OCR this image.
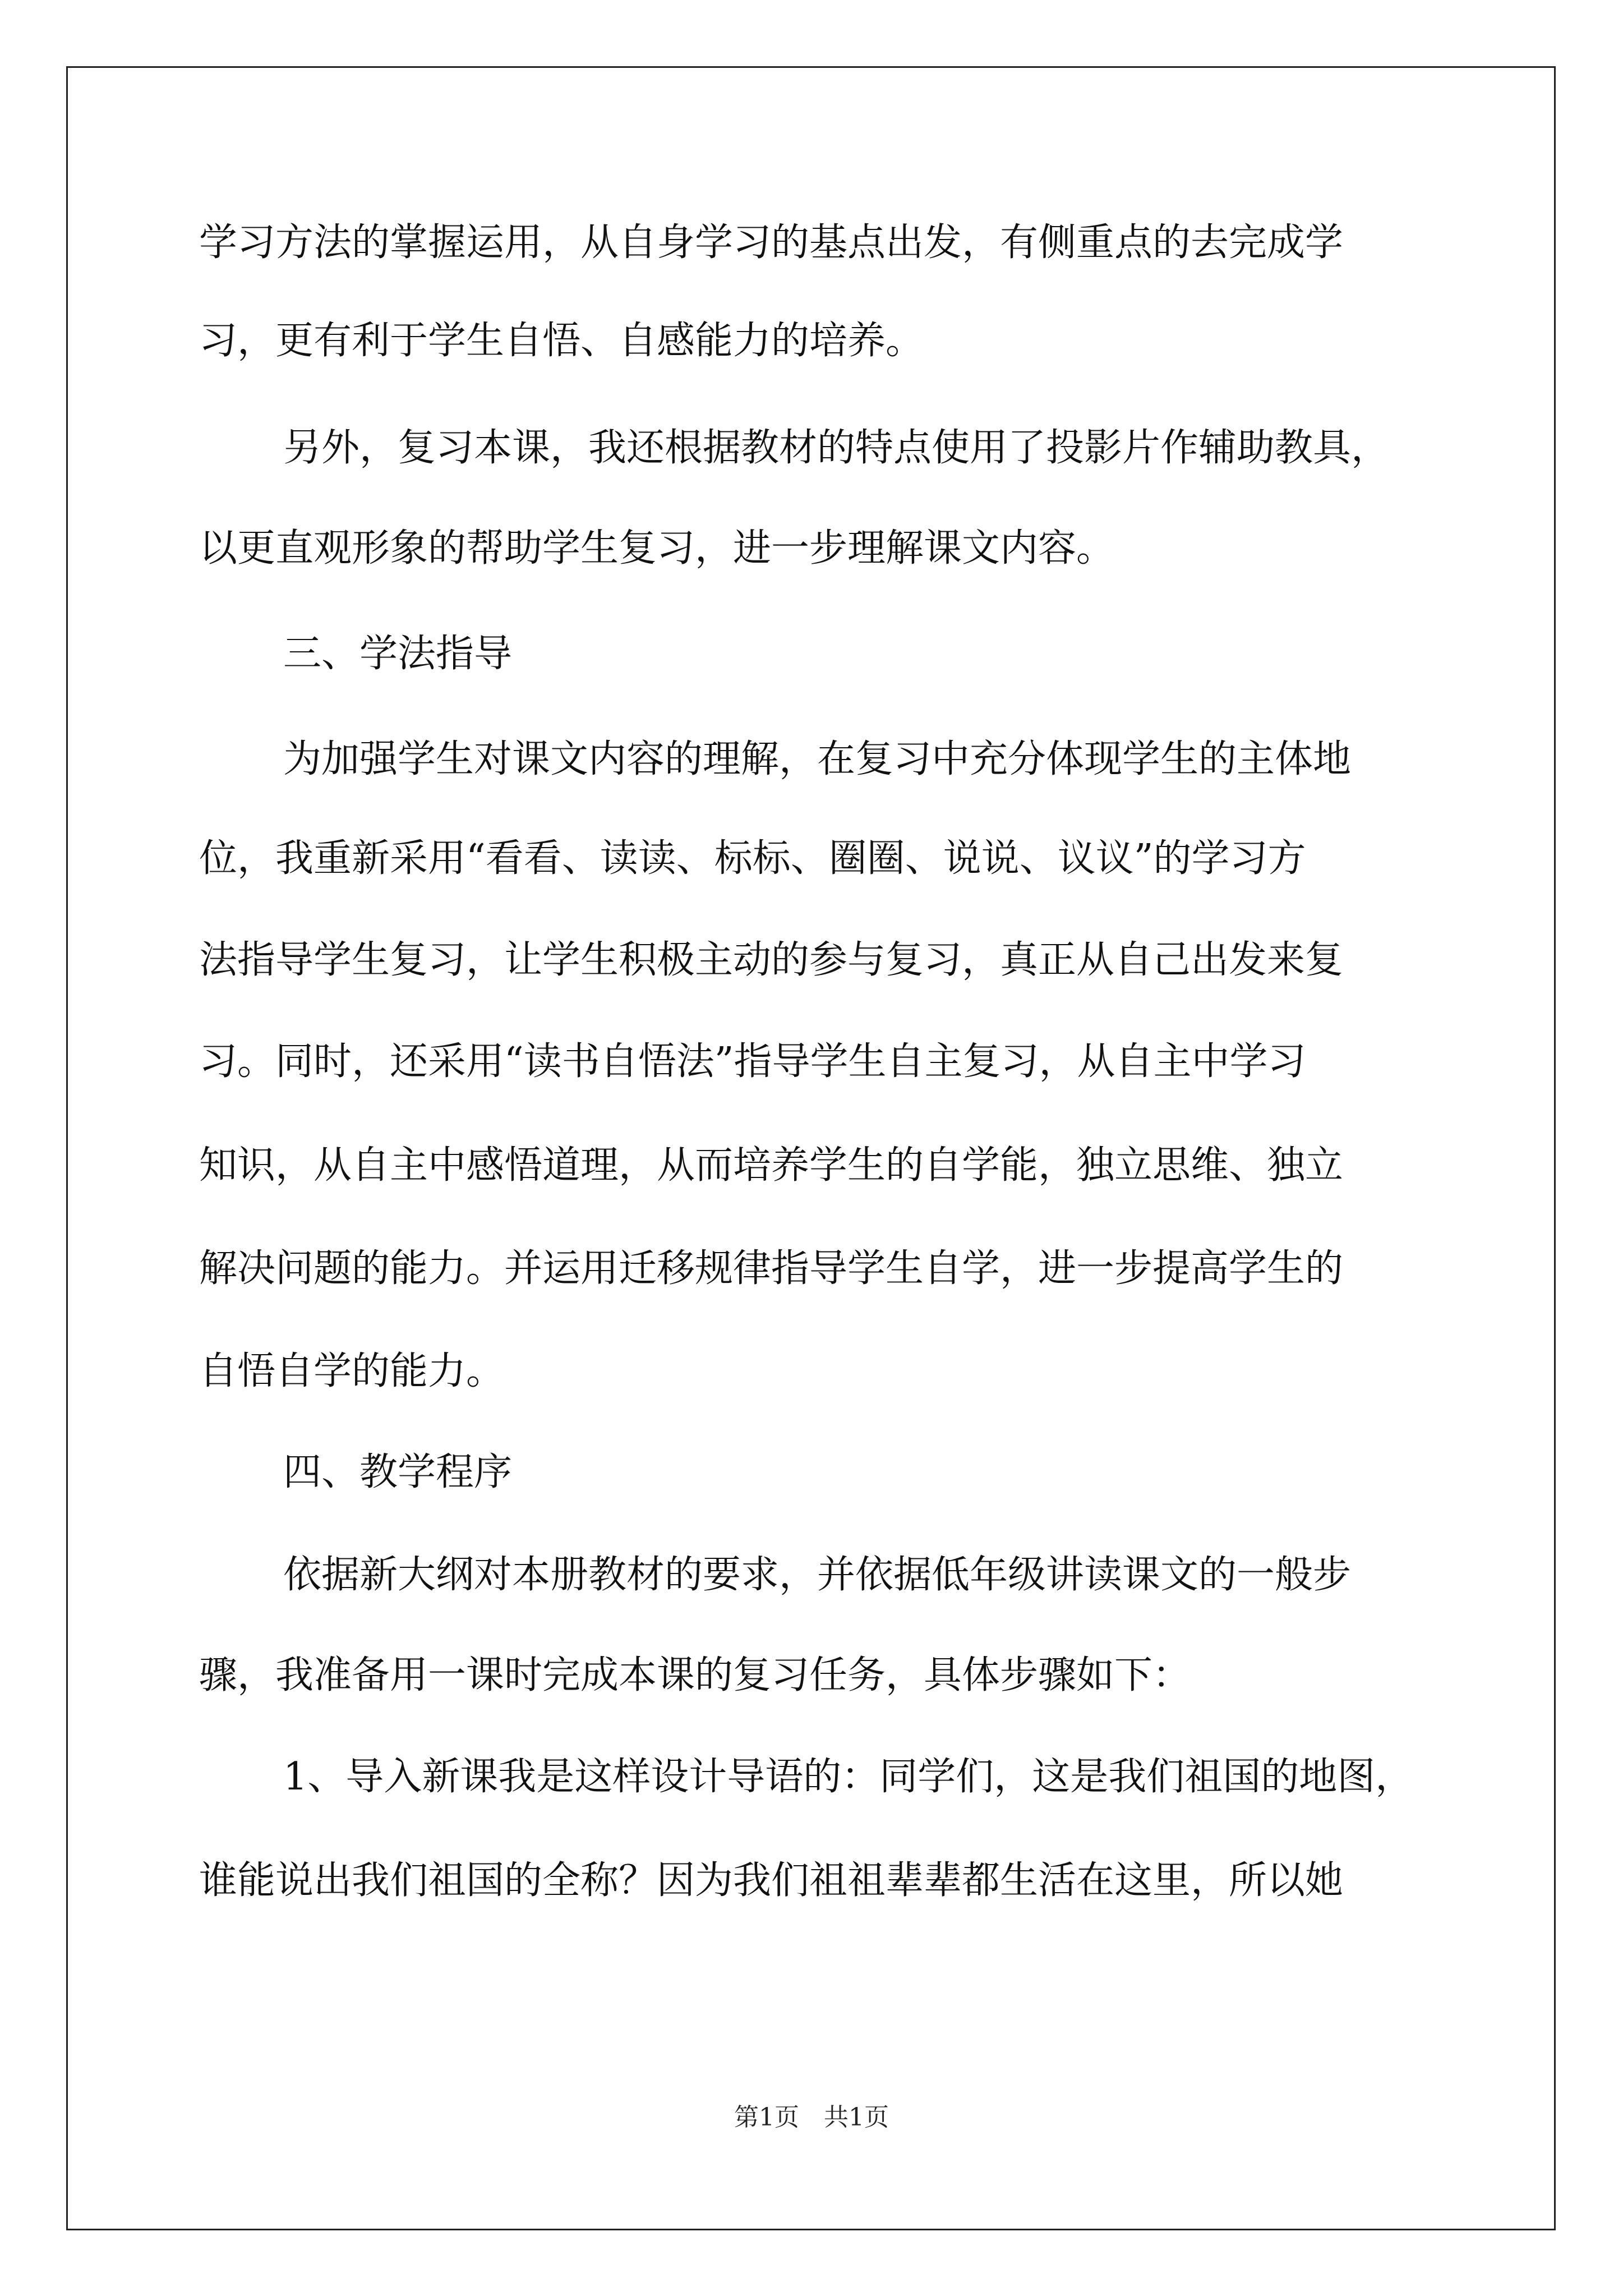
学习方法的掌握运用，从自身学习的基点出发，有侧重点的去完成学
习，更有利于学生自悟、自感能力的培养。
另外，复习本课，我还根据教材的特点使用了投影片作辅助教具，
以更直观形象的帮助学生复习，进一步理解课文内容。
三、学法指导
为加强学生对课文内容的理解，在复习中充分体现学生的主体地
位，我重新采用“看看、读读、标标、圈圈、说说、议议”的学习方
法指导学生复习，让学生积极主动的参与复习，真正从自己出发来复
习。同时，还采用“读书自悟法”指导学生自主复习，从自主中学习
知识，从自主中感悟道理，从而培养学生的自学能，独立思维、独立
解决问题的能力。并运用迁移规律指导学生自学，进一步提高学生的
自悟自学的能力。
四、教学程序
依据新大纲对本册教材的要求，并依据低年级讲读课文的一般步
骤，我准备用一课时完成本课的复习任务，具体步骤如下：
1、导入新课我是这样设计导语的：同学们，这是我们祖国的地图，
谁能说出我们祖国的全称？因为我们祖祖辈辈都生活在这里，所以她
第1页　共1页
